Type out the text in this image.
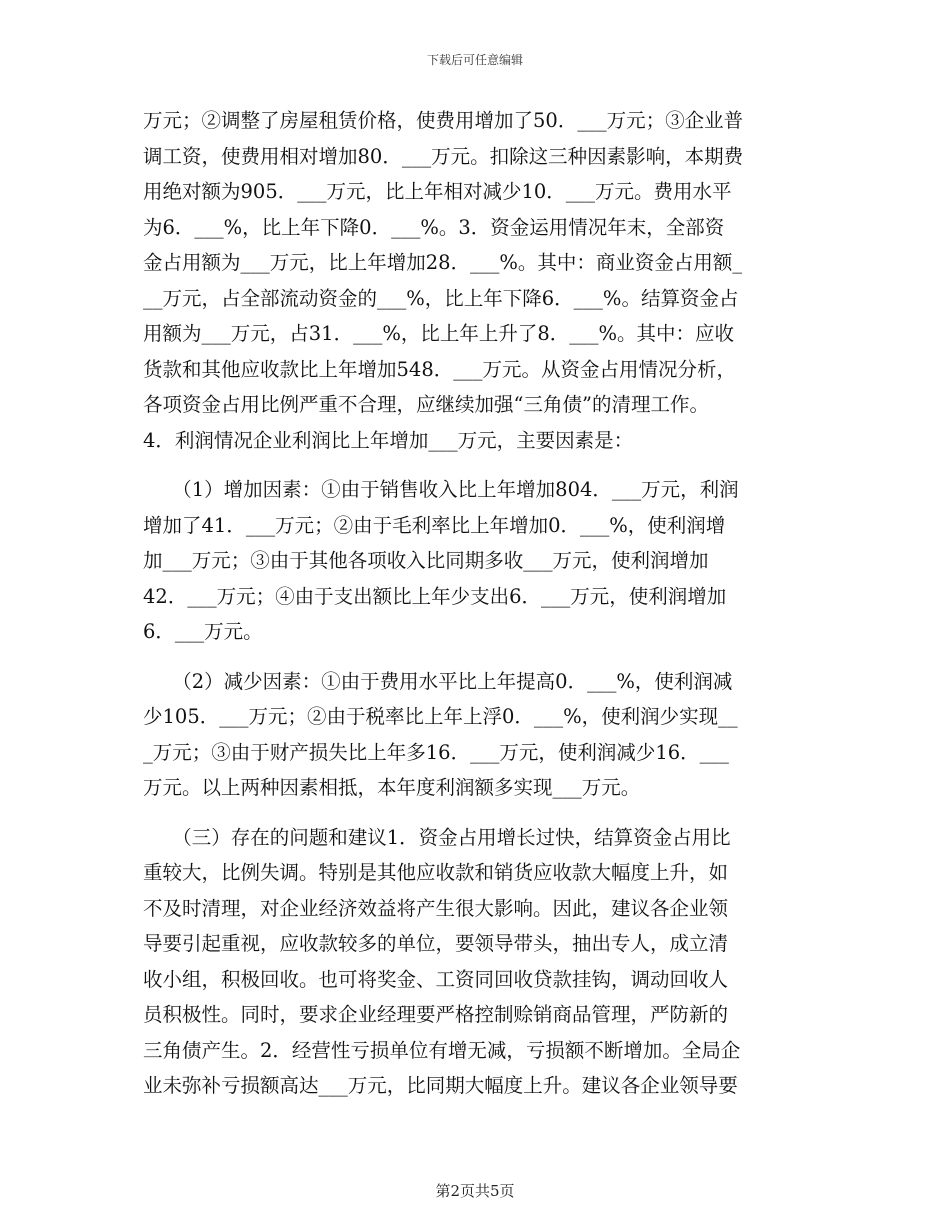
下载后可任意编辑
万元；②调整了房屋租赁价格，使费用增加了50．___万元；③企业普
调工资，使费用相对增加80．___万元。扣除这三种因素影响，本期费
用绝对额为905．___万元，比上年相对减少10．___万元。费用水平
为6．___%，比上年下降0．___%。3．资金运用情况年末，全部资
金占用额为___万元，比上年增加28．___%。其中：商业资金占用额_
__万元，占全部流动资金的___%，比上年下降6．___%。结算资金占
用额为___万元，占31．___%，比上年上升了8．___%。其中：应收
货款和其他应收款比上年增加548．___万元。从资金占用情况分析，
各项资金占用比例严重不合理，应继续加强“三角债”的清理工作。
4．利润情况企业利润比上年增加___万元，主要因素是：
　　（1）增加因素：①由于销售收入比上年增加804．___万元，利润
增加了41．___万元；②由于毛利率比上年增加0．___%，使利润增
加___万元；③由于其他各项收入比同期多收___万元，使利润增加
42．___万元；④由于支出额比上年少支出6．___万元，使利润增加
6．___万元。
　　（2）减少因素：①由于费用水平比上年提高0．___%，使利润减
少105．___万元；②由于税率比上年上浮0．___%，使利润少实现__
_万元；③由于财产损失比上年多16．___万元，使利润减少16．___
万元。以上两种因素相抵，本年度利润额多实现___万元。
　　（三）存在的问题和建议1．资金占用增长过快，结算资金占用比
重较大，比例失调。特别是其他应收款和销货应收款大幅度上升，如
不及时清理，对企业经济效益将产生很大影响。因此，建议各企业领
导要引起重视，应收款较多的单位，要领导带头，抽出专人，成立清
收小组，积极回收。也可将奖金、工资同回收贷款挂钩，调动回收人
员积极性。同时，要求企业经理要严格控制赊销商品管理，严防新的
三角债产生。2．经营性亏损单位有增无减，亏损额不断增加。全局企
业未弥补亏损额高达___万元，比同期大幅度上升。建议各企业领导要
第2页共5页
